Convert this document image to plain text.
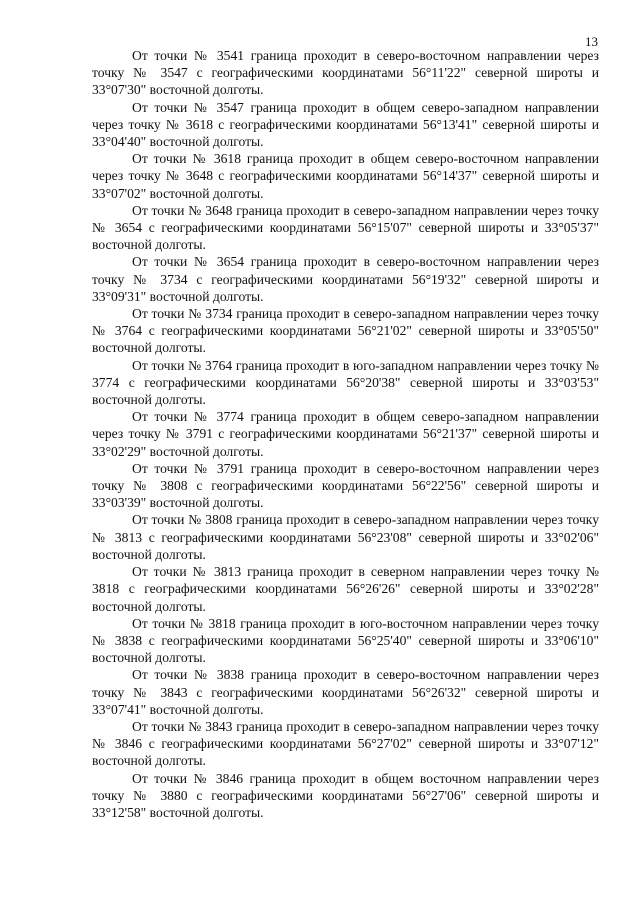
13

От точки № 3541 граница проходит в северо-восточном направлении через точку № 3547 с географическими координатами 56°11'22" северной широты и 33°07'30" восточной долготы.

От точки № 3547 граница проходит в общем северо-западном направлении через точку № 3618 с географическими координатами 56°13'41" северной широты и 33°04'40" восточной долготы.

От точки № 3618 граница проходит в общем северо-восточном направлении через точку № 3648 с географическими координатами 56°14'37" северной широты и 33°07'02" восточной долготы.

От точки № 3648 граница проходит в северо-западном направлении через точку № 3654 с географическими координатами 56°15'07" северной широты и 33°05'37" восточной долготы.

От точки № 3654 граница проходит в северо-восточном направлении через точку № 3734 с географическими координатами 56°19'32" северной широты и 33°09'31" восточной долготы.

От точки № 3734 граница проходит в северо-западном направлении через точку № 3764 с географическими координатами 56°21'02" северной широты и 33°05'50" восточной долготы.

От точки № 3764 граница проходит в юго-западном направлении через точку № 3774 с географическими координатами 56°20'38" северной широты и 33°03'53" восточной долготы.

От точки № 3774 граница проходит в общем северо-западном направлении через точку № 3791 с географическими координатами 56°21'37" северной широты и 33°02'29" восточной долготы.

От точки № 3791 граница проходит в северо-восточном направлении через точку № 3808 с географическими координатами 56°22'56" северной широты и 33°03'39" восточной долготы.

От точки № 3808 граница проходит в северо-западном направлении через точку № 3813 с географическими координатами 56°23'08" северной широты и 33°02'06" восточной долготы.

От точки № 3813 граница проходит в северном направлении через точку № 3818 с географическими координатами 56°26'26" северной широты и 33°02'28" восточной долготы.

От точки № 3818 граница проходит в юго-восточном направлении через точку № 3838 с географическими координатами 56°25'40" северной широты и 33°06'10" восточной долготы.

От точки № 3838 граница проходит в северо-восточном направлении через точку № 3843 с географическими координатами 56°26'32" северной широты и 33°07'41" восточной долготы.

От точки № 3843 граница проходит в северо-западном направлении через точку № 3846 с географическими координатами 56°27'02" северной широты и 33°07'12" восточной долготы.

От точки № 3846 граница проходит в общем восточном направлении через точку № 3880 с географическими координатами 56°27'06" северной широты и 33°12'58" восточной долготы.
